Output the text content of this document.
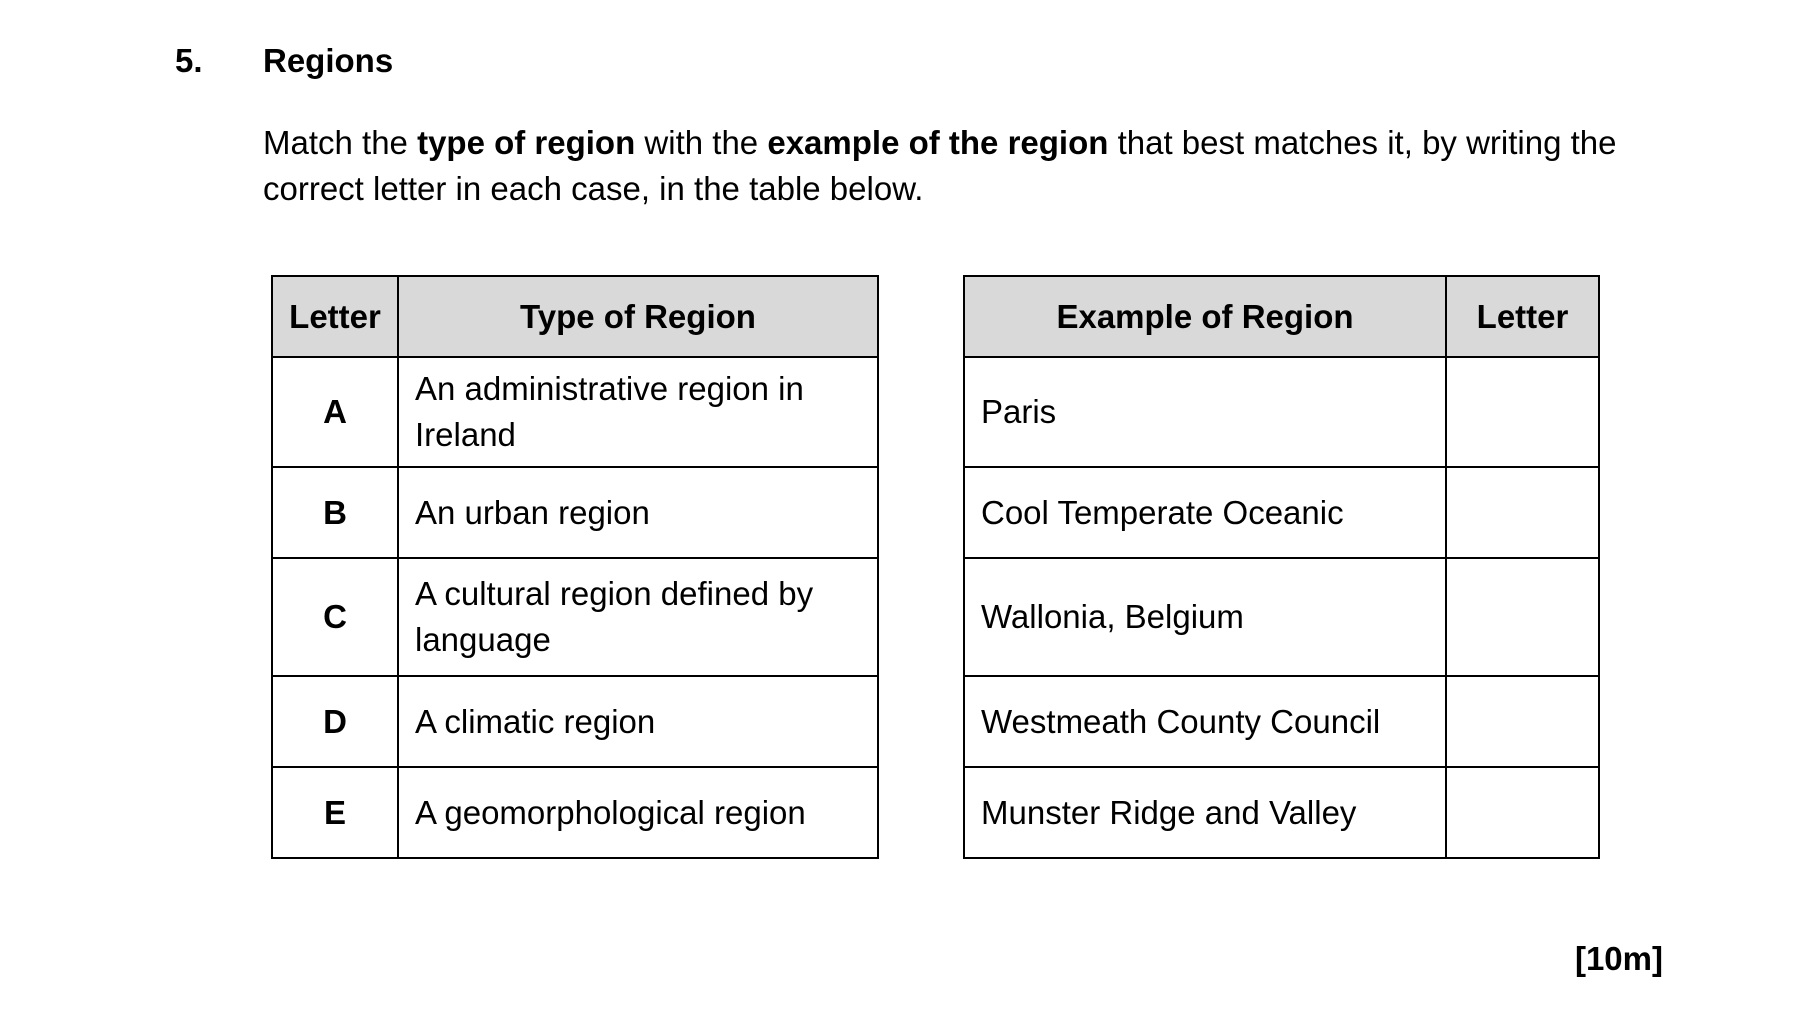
5. Regions
Match the type of region with the example of the region that best matches it, by writing the correct letter in each case, in the table below.
Letter	Type of Region
A	An administrative region in Ireland
B	An urban region
C	A cultural region defined by language
D	A climatic region
E	A geomorphological region
Example of Region	Letter
Paris	
Cool Temperate Oceanic	
Wallonia, Belgium	
Westmeath County Council	
Munster Ridge and Valley	
[10m]
